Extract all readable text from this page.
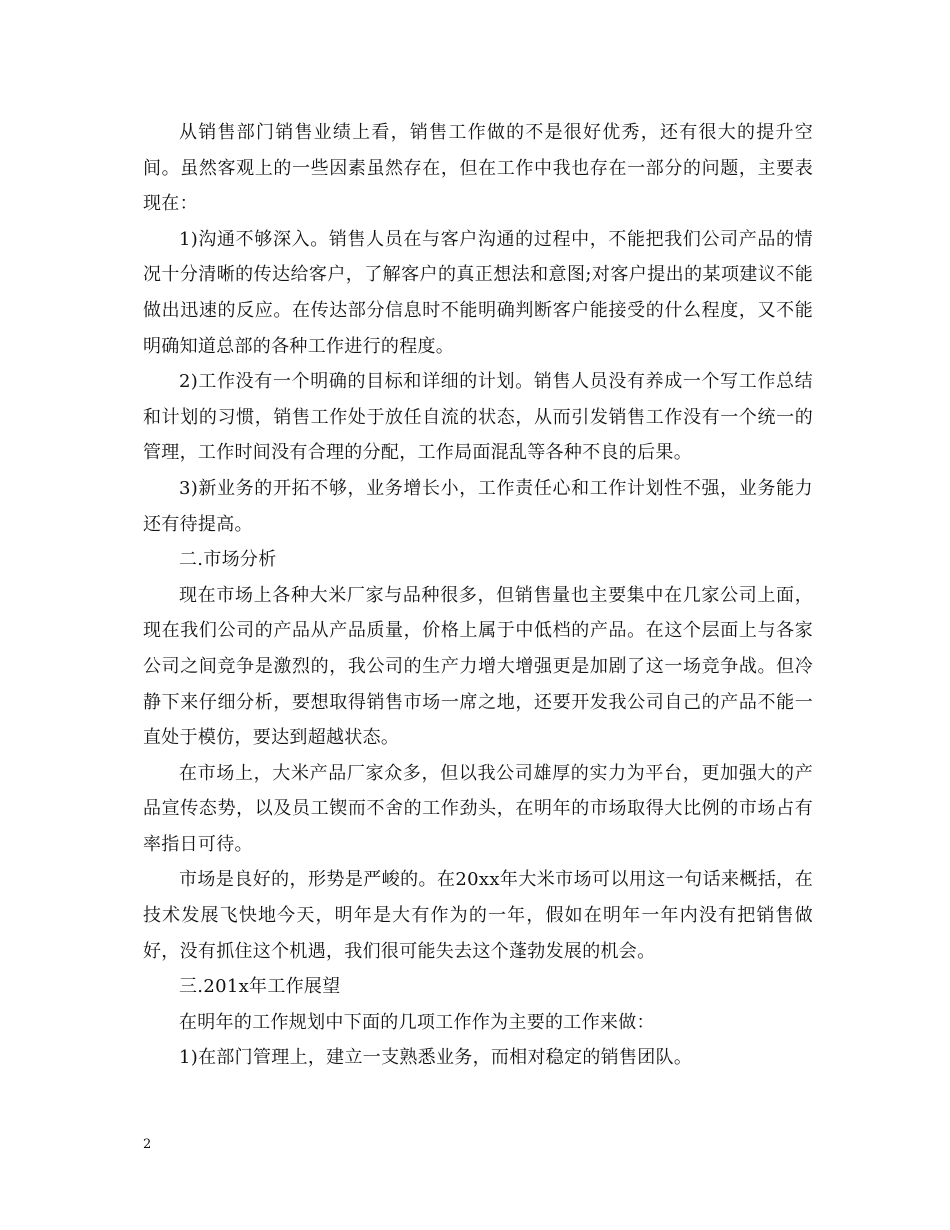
从销售部门销售业绩上看，销售工作做的不是很好优秀，还有很大的提升空间。虽然客观上的一些因素虽然存在，但在工作中我也存在一部分的问题，主要表现在：

1)沟通不够深入。销售人员在与客户沟通的过程中，不能把我们公司产品的情况十分清晰的传达给客户，了解客户的真正想法和意图;对客户提出的某项建议不能做出迅速的反应。在传达部分信息时不能明确判断客户能接受的什么程度，又不能明确知道总部的各种工作进行的程度。

2)工作没有一个明确的目标和详细的计划。销售人员没有养成一个写工作总结和计划的习惯，销售工作处于放任自流的状态，从而引发销售工作没有一个统一的管理，工作时间没有合理的分配，工作局面混乱等各种不良的后果。

3)新业务的开拓不够，业务增长小，工作责任心和工作计划性不强，业务能力还有待提高。

二.市场分析

现在市场上各种大米厂家与品种很多，但销售量也主要集中在几家公司上面，现在我们公司的产品从产品质量，价格上属于中低档的产品。在这个层面上与各家公司之间竞争是激烈的，我公司的生产力增大增强更是加剧了这一场竞争战。但冷静下来仔细分析，要想取得销售市场一席之地，还要开发我公司自己的产品不能一直处于模仿，要达到超越状态。

在市场上，大米产品厂家众多，但以我公司雄厚的实力为平台，更加强大的产品宣传态势，以及员工锲而不舍的工作劲头，在明年的市场取得大比例的市场占有率指日可待。

市场是良好的，形势是严峻的。在20xx年大米市场可以用这一句话来概括，在技术发展飞快地今天，明年是大有作为的一年，假如在明年一年内没有把销售做好，没有抓住这个机遇，我们很可能失去这个蓬勃发展的机会。

三.201x年工作展望

在明年的工作规划中下面的几项工作作为主要的工作来做：

1)在部门管理上，建立一支熟悉业务，而相对稳定的销售团队。

2
